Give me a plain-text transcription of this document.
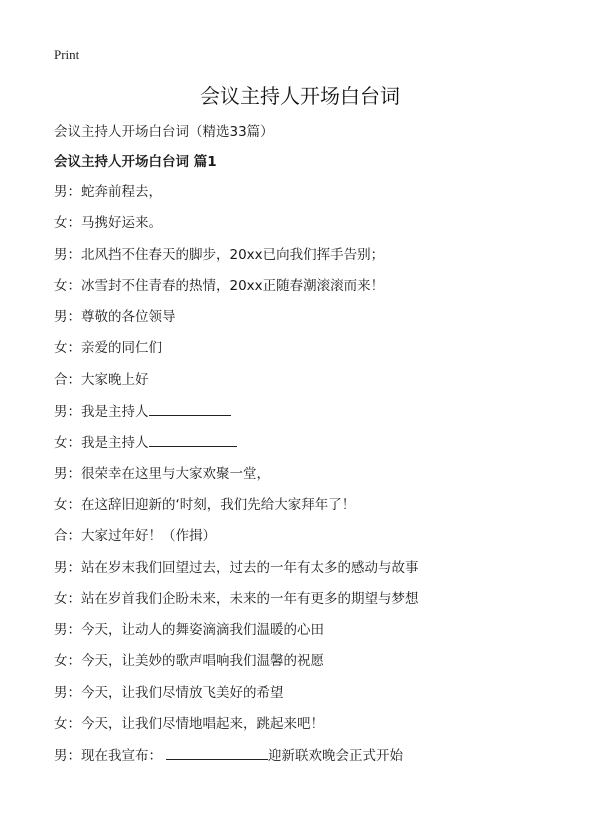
Print
会议主持人开场白台词
会议主持人开场白台词（精选33篇）
会议主持人开场白台词 篇1
男：蛇奔前程去，
女：马携好运来。
男：北风挡不住春天的脚步，20xx已向我们挥手告别；
女：冰雪封不住青春的热情，20xx正随春潮滚滚而来！
男：尊敬的各位领导
女：亲爱的同仁们
合：大家晚上好
男：我是主持人
女：我是主持人
男：很荣幸在这里与大家欢聚一堂，
女：在这辞旧迎新的‘时刻，我们先给大家拜年了！
合：大家过年好！（作揖）
男：站在岁末我们回望过去，过去的一年有太多的感动与故事
女：站在岁首我们企盼未来，未来的一年有更多的期望与梦想
男：今天，让动人的舞姿滴滴我们温暖的心田
女：今天，让美妙的歌声唱响我们温馨的祝愿
男：今天，让我们尽情放飞美好的希望
女：今天，让我们尽情地唱起来，跳起来吧！
男：现在我宣布：	迎新联欢晚会正式开始
